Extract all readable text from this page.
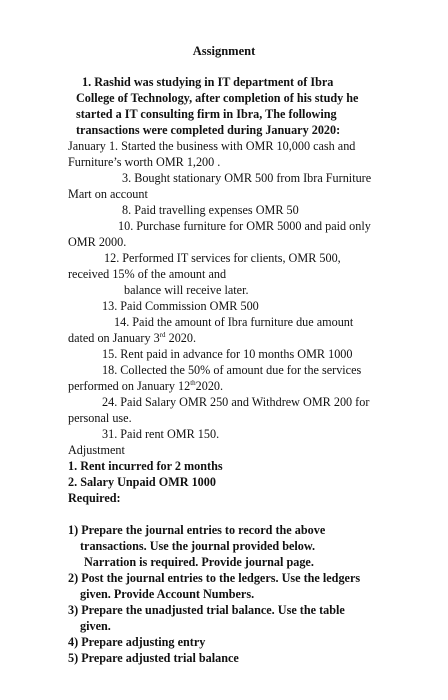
Assignment
1. Rashid was studying in IT department of Ibra
College of Technology, after completion of his study he
started a IT consulting firm in Ibra, The following
transactions were completed during January 2020:
January 1. Started the business with OMR 10,000 cash and
Furniture’s worth OMR 1,200 .
3. Bought stationary OMR 500 from Ibra Furniture
Mart on account
8. Paid travelling expenses OMR 50
10. Purchase furniture for OMR 5000 and paid only
OMR 2000.
12. Performed IT services for clients, OMR 500,
received 15% of the amount and
balance will receive later.
13. Paid Commission OMR 500
14. Paid the amount of Ibra furniture due amount
dated on January 3rd 2020.
15. Rent paid in advance for 10 months OMR 1000
18. Collected the 50% of amount due for the services
performed on January 12th2020.
24. Paid Salary OMR 250 and Withdrew OMR 200 for
personal use.
31. Paid rent OMR 150.
Adjustment
1. Rent incurred for 2 months
2. Salary Unpaid OMR 1000
Required:
1) Prepare the journal entries to record the above
transactions. Use the journal provided below.
Narration is required. Provide journal page.
2) Post the journal entries to the ledgers. Use the ledgers
given. Provide Account Numbers.
3) Prepare the unadjusted trial balance. Use the table
given.
4) Prepare adjusting entry
5) Prepare adjusted trial balance
